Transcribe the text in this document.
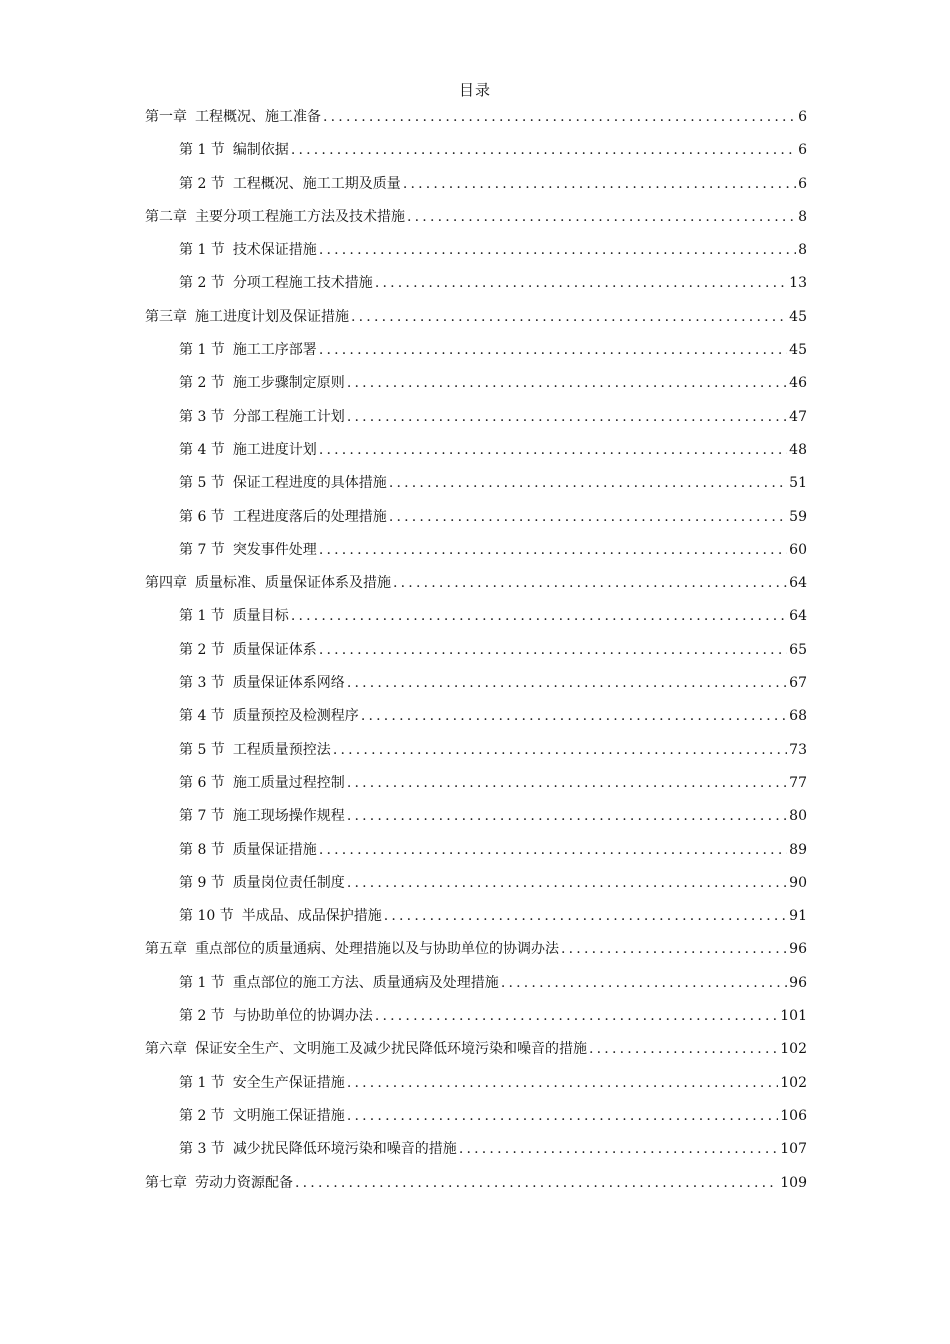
目录
第一章 工程概况、施工准备 .....	6
第 1 节 编制依据 .....	6
第 2 节 工程概况、施工工期及质量 .....	6
第二章 主要分项工程施工方法及技术措施 .....	8
第 1 节 技术保证措施 .....	8
第 2 节 分项工程施工技术措施 .....	13
第三章 施工进度计划及保证措施 .....	45
第 1 节 施工工序部署 .....	45
第 2 节 施工步骤制定原则 .....	46
第 3 节 分部工程施工计划 .....	47
第 4 节 施工进度计划 .....	48
第 5 节 保证工程进度的具体措施 .....	51
第 6 节 工程进度落后的处理措施 .....	59
第 7 节 突发事件处理 .....	60
第四章 质量标准、质量保证体系及措施 .....	64
第 1 节 质量目标 .....	64
第 2 节 质量保证体系 .....	65
第 3 节 质量保证体系网络 .....	67
第 4 节 质量预控及检测程序 .....	68
第 5 节 工程质量预控法 .....	73
第 6 节 施工质量过程控制 .....	77
第 7 节 施工现场操作规程 .....	80
第 8 节 质量保证措施 .....	89
第 9 节 质量岗位责任制度 .....	90
第 10 节 半成品、成品保护措施 .....	91
第五章 重点部位的质量通病、处理措施以及与协助单位的协调办法 .....	96
第 1 节 重点部位的施工方法、质量通病及处理措施 .....	96
第 2 节 与协助单位的协调办法 .....	101
第六章 保证安全生产、文明施工及减少扰民降低环境污染和噪音的措施 .....	102
第 1 节 安全生产保证措施 .....	102
第 2 节 文明施工保证措施 .....	106
第 3 节 减少扰民降低环境污染和噪音的措施 .....	107
第七章 劳动力资源配备 .....	109
